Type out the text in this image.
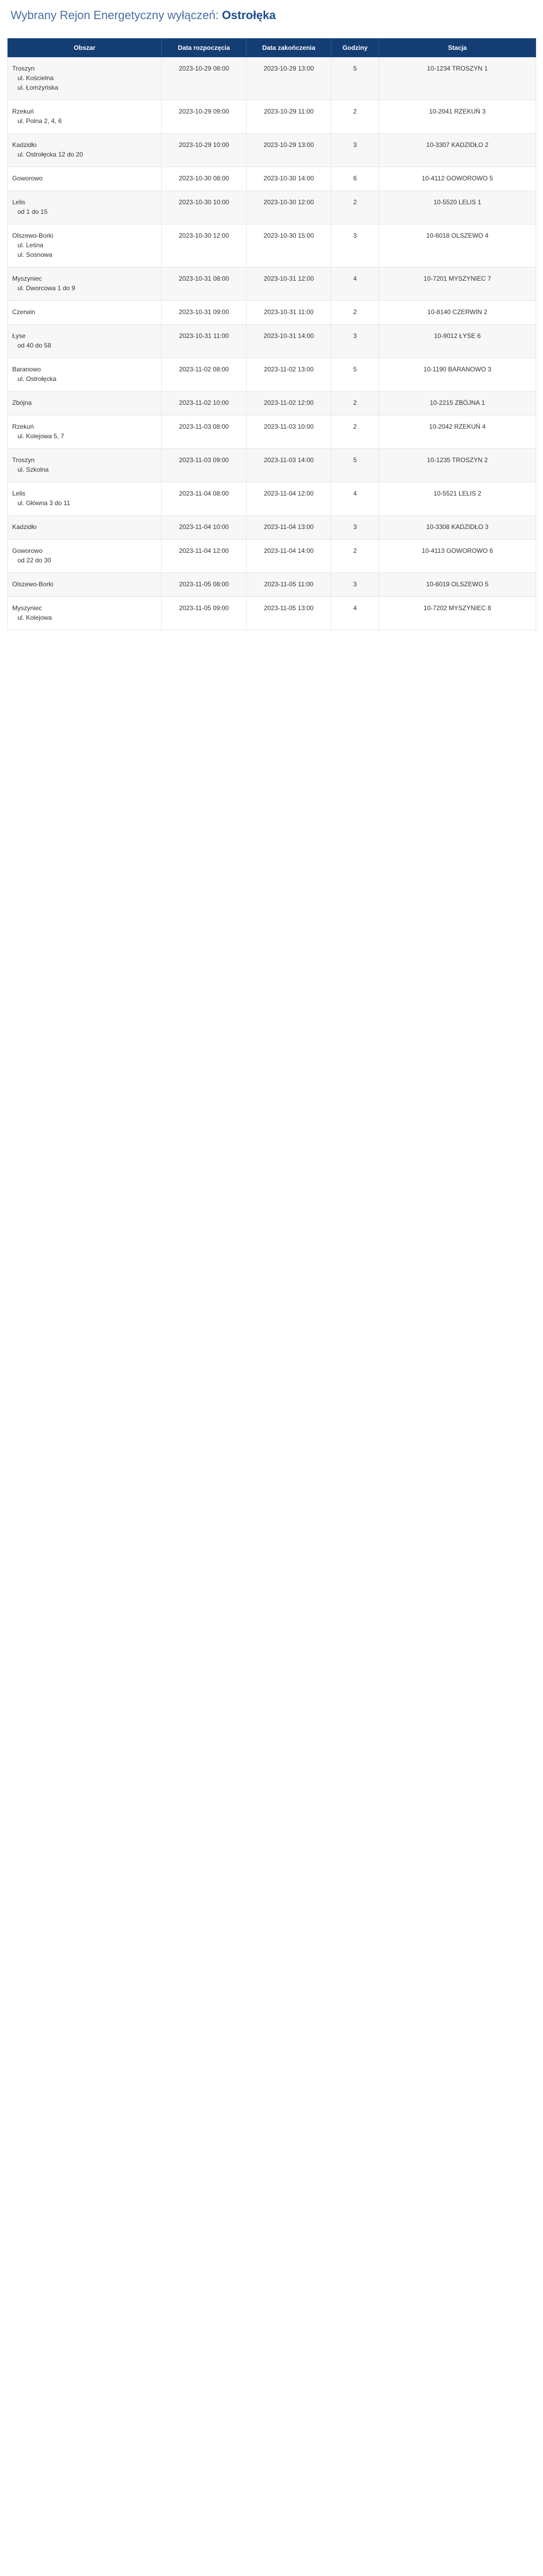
Wybrany Rejon Energetyczny wyłączeń: Ostrołęka
Obszar	Data rozpoczęcia	Data zakończenia	Godziny	Stacja

Troszyn
ul. Kościelna
ul. Łomżyńska	2023-10-29 08:00	2023-10-29 13:00	5	10-1234 TROSZYN 1

Rzekuń
ul. Polna 2, 4, 6	2023-10-29 09:00	2023-10-29 11:00	2	10-2041 RZEKUŃ 3

Kadzidło
ul. Ostrołęcka 12 do 20	2023-10-29 10:00	2023-10-29 13:00	3	10-3307 KADZIDŁO 2

Goworowo	2023-10-30 08:00	2023-10-30 14:00	6	10-4112 GOWOROWO 5

Lelis
od 1 do 15	2023-10-30 10:00	2023-10-30 12:00	2	10-5520 LELIS 1

Olszewo-Borki
ul. Leśna
ul. Sosnowa	2023-10-30 12:00	2023-10-30 15:00	3	10-6018 OLSZEWO 4

Myszyniec
ul. Dworcowa 1 do 9	2023-10-31 08:00	2023-10-31 12:00	4	10-7201 MYSZYNIEC 7

Czerwin	2023-10-31 09:00	2023-10-31 11:00	2	10-8140 CZERWIN 2

Łyse
od 40 do 58	2023-10-31 11:00	2023-10-31 14:00	3	10-9012 ŁYSE 6

Baranowo
ul. Ostrołęcka	2023-11-02 08:00	2023-11-02 13:00	5	10-1190 BARANOWO 3

Zbójna	2023-11-02 10:00	2023-11-02 12:00	2	10-2215 ZBÓJNA 1

Rzekuń
ul. Kolejowa 5, 7	2023-11-03 08:00	2023-11-03 10:00	2	10-2042 RZEKUŃ 4

Troszyn
ul. Szkolna	2023-11-03 09:00	2023-11-03 14:00	5	10-1235 TROSZYN 2

Lelis
ul. Główna 3 do 11	2023-11-04 08:00	2023-11-04 12:00	4	10-5521 LELIS 2

Kadzidło	2023-11-04 10:00	2023-11-04 13:00	3	10-3308 KADZIDŁO 3

Goworowo
od 22 do 30	2023-11-04 12:00	2023-11-04 14:00	2	10-4113 GOWOROWO 6

Olszewo-Borki	2023-11-05 08:00	2023-11-05 11:00	3	10-6019 OLSZEWO 5

Myszyniec
ul. Kolejowa	2023-11-05 09:00	2023-11-05 13:00	4	10-7202 MYSZYNIEC 8
